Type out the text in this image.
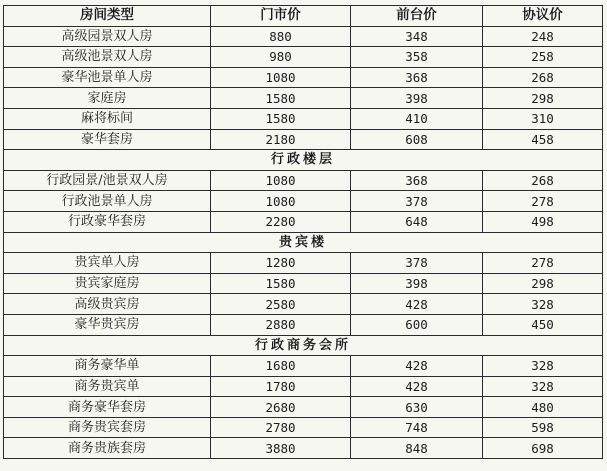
房间类型	门市价	前台价	协议价
高级园景双人房	880	348	248
高级池景双人房	980	358	258
豪华池景单人房	1080	368	268
家庭房	1580	398	298
麻将标间	1580	410	310
豪华套房	2180	608	458
行政楼层			
行政园景/池景双人房	1080	368	268
行政池景单人房	1080	378	278
行政豪华套房	2280	648	498
贵宾楼			
贵宾单人房	1280	378	278
贵宾家庭房	1580	398	298
高级贵宾房	2580	428	328
豪华贵宾房	2880	600	450
行政商务会所			
商务豪华单	1680	428	328
商务贵宾单	1780	428	328
商务豪华套房	2680	630	480
商务贵宾套房	2780	748	598
商务贵族套房	3880	848	698
